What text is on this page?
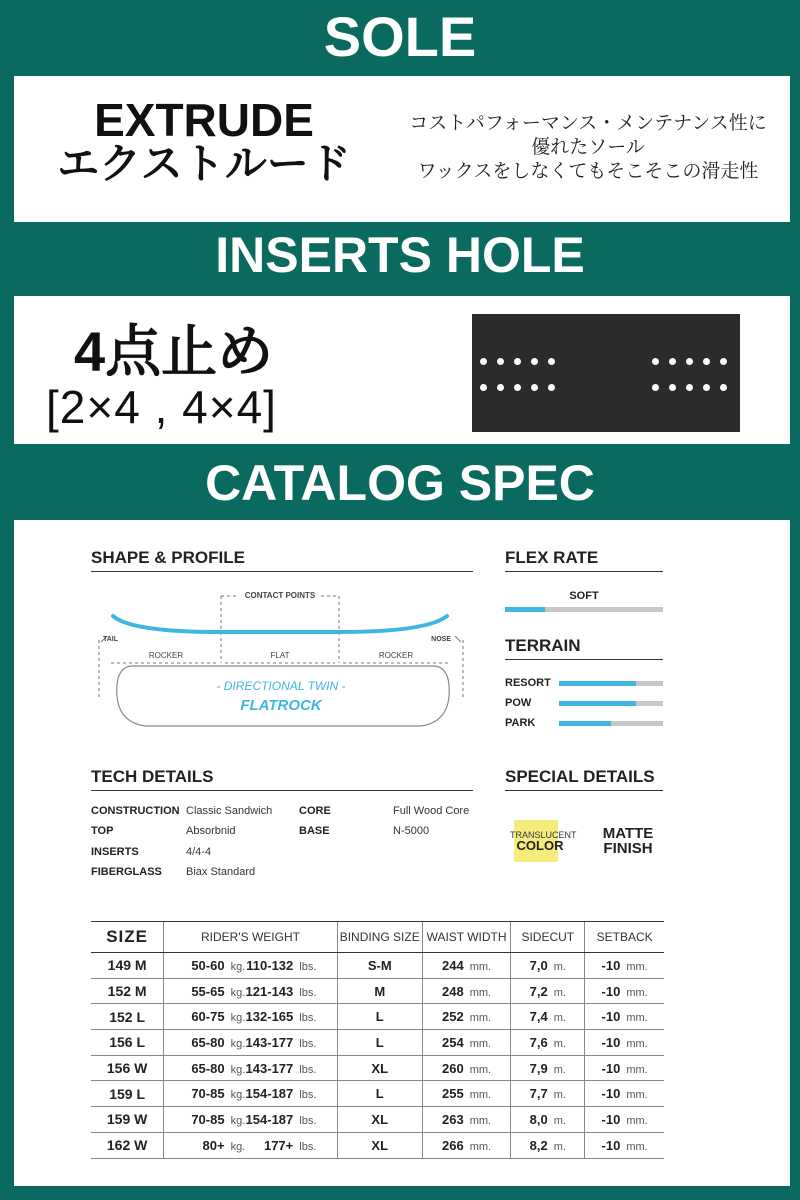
SOLE
EXTRUDE
エクストルード
コストパフォーマンス・メンテナンス性に
優れたソール
ワックスをしなくてもそこそこの滑走性
INSERTS HOLE
4点止め
[2×4 , 4×4]
CATALOG SPEC
SHAPE & PROFILE
CONTACT POINTS
TAIL	NOSE
ROCKER	FLAT	ROCKER
- DIRECTIONAL TWIN -
FLATROCK
FLEX RATE
SOFT
TERRAIN
RESORT
POW
PARK
TECH DETAILS
CONSTRUCTION Classic Sandwich
TOP	Absorbnid
INSERTS	4/4-4
FIBERGLASS Biax Standard
CORE	Full Wood Core
BASE	N-5000
SPECIAL DETAILS
TRANSLUCENT
COLOR
MATTE
FINISH
SIZE	RIDER'S WEIGHT	BINDING SIZE	WAIST WIDTH	SIDECUT	SETBACK
149 M	50-60 kg.110-132 lbs.	S-M	244 mm.	7,0 m.	-10 mm.
152 M	55-65 kg.121-143 lbs.	M	248 mm.	7,2 m.	-10 mm.
152 L	60-75 kg.132-165 lbs.	L	252 mm.	7,4 m.	-10 mm.
156 L	65-80 kg.143-177 lbs.	L	254 mm.	7,6 m.	-10 mm.
156 W	65-80 kg.143-177 lbs.	XL	260 mm.	7,9 m.	-10 mm.
159 L	70-85 kg.154-187 lbs.	L	255 mm.	7,7 m.	-10 mm.
159 W	70-85 kg.154-187 lbs.	XL	263 mm.	8,0 m.	-10 mm.
162 W	80+ kg. 177+ lbs.	XL	266 mm.	8,2 m.	-10 mm.
